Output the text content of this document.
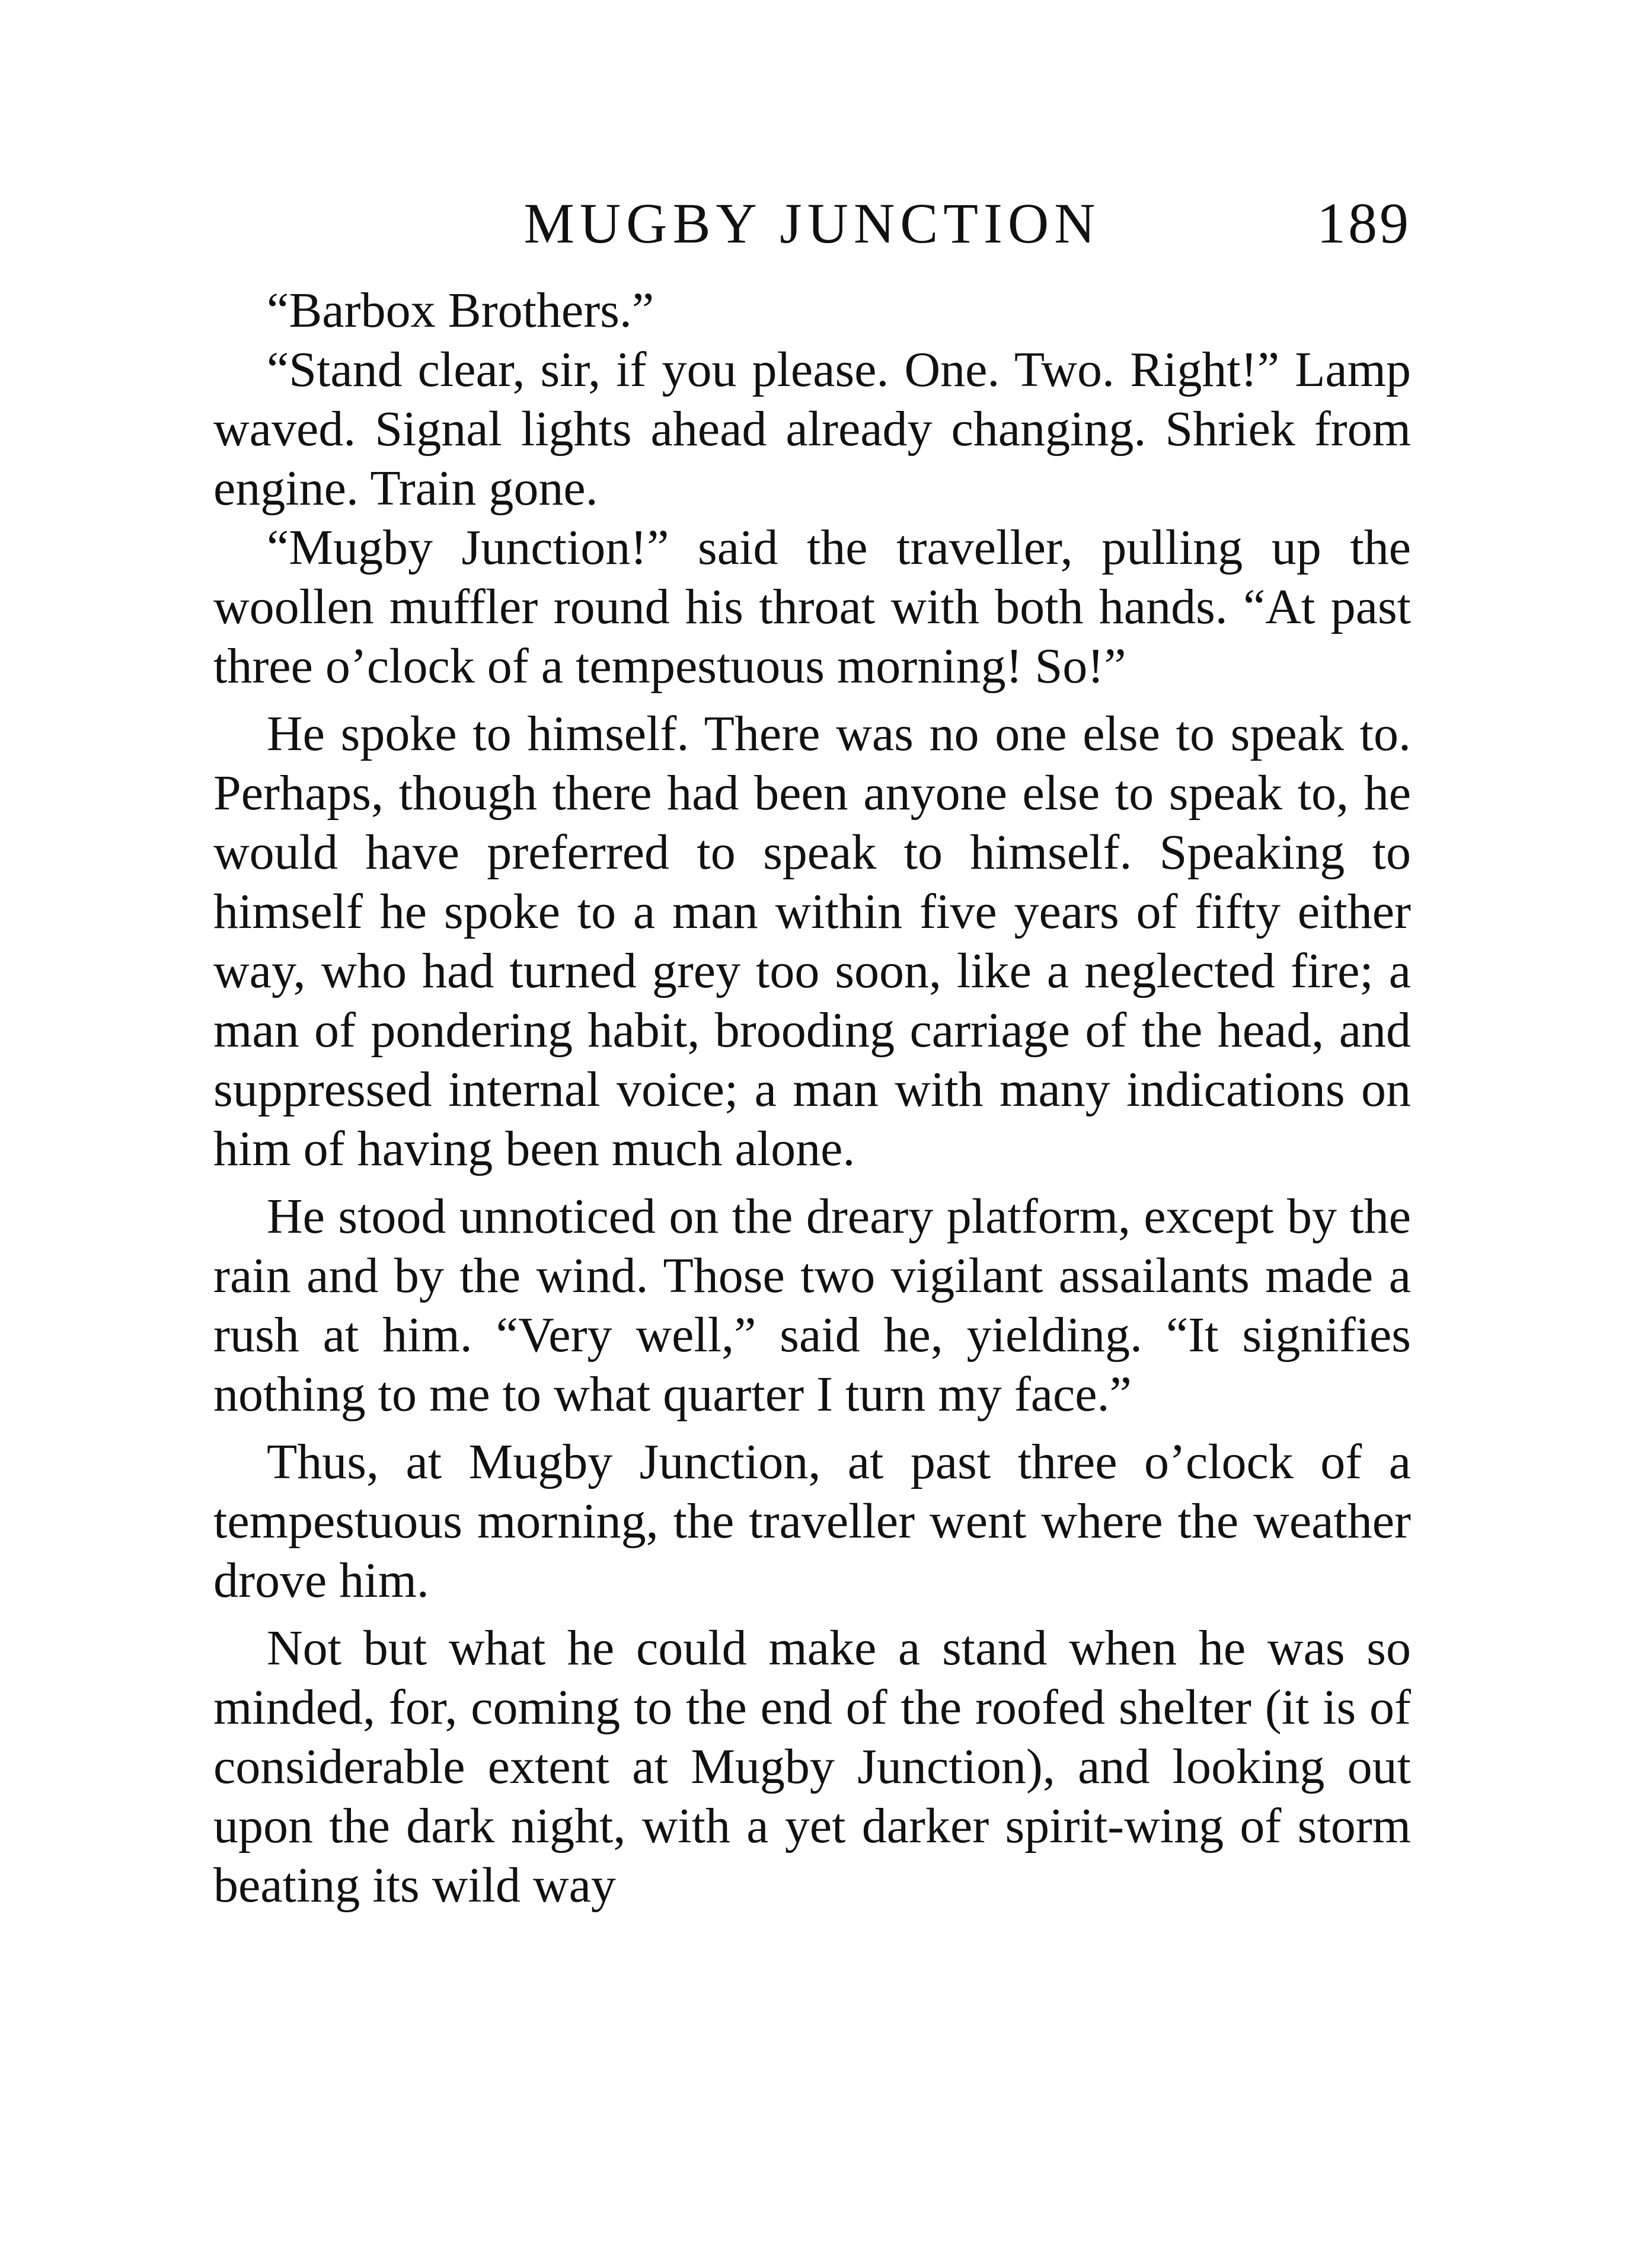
MUGBY JUNCTION	189

“Barbox Brothers.”

“Stand clear, sir, if you please. One. Two. Right!” Lamp waved. Signal lights ahead already changing. Shriek from engine. Train gone.

“Mugby Junction!” said the traveller, pulling up the woollen muffler round his throat with both hands. “At past three o’clock of a tempestuous morning! So!”

He spoke to himself. There was no one else to speak to. Perhaps, though there had been anyone else to speak to, he would have preferred to speak to himself. Speaking to himself he spoke to a man within five years of fifty either way, who had turned grey too soon, like a neglected fire; a man of pondering habit, brooding carriage of the head, and suppressed internal voice; a man with many indications on him of having been much alone.

He stood unnoticed on the dreary platform, except by the rain and by the wind. Those two vigilant assailants made a rush at him. “Very well,” said he, yielding. “It signifies nothing to me to what quarter I turn my face.”

Thus, at Mugby Junction, at past three o’clock of a tempestuous morning, the traveller went where the weather drove him.

Not but what he could make a stand when he was so minded, for, coming to the end of the roofed shelter (it is of considerable extent at Mugby Junction), and looking out upon the dark night, with a yet darker spirit-wing of storm beating its wild way
